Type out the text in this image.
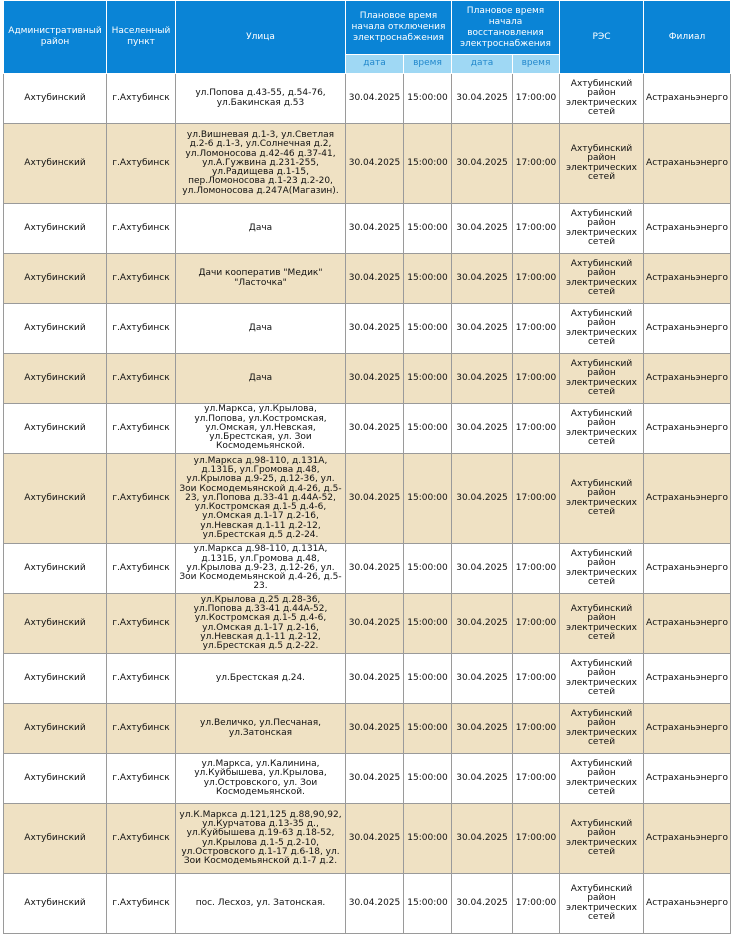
Административный район	Населенный пункт	Улица	Плановое время начала отключения электроснабжения		Плановое время начала восстановления электроснабжения		РЭС	Филиал
			дата	время	дата	время		
Ахтубинский	г.Ахтубинск	ул.Попова д.43-55, д.54-76, ул.Бакинская д.53	30.04.2025	15:00:00	30.04.2025	17:00:00	Ахтубинский район электрических сетей	Астраханьэнерго
Ахтубинский	г.Ахтубинск	ул.Вишневая д.1-3, ул.Светлая д.2-6 д.1-3, ул.Солнечная д.2, ул.Ломоносова д.42-46 д.37-41, ул.А.Гужвина д.231-255, ул.Радищева д.1-15, пер.Ломоносова д.1-23 д.2-20, ул.Ломоносова д.247А(Магазин).	30.04.2025	15:00:00	30.04.2025	17:00:00	Ахтубинский район электрических сетей	Астраханьэнерго
Ахтубинский	г.Ахтубинск	Дача	30.04.2025	15:00:00	30.04.2025	17:00:00	Ахтубинский район электрических сетей	Астраханьэнерго
Ахтубинский	г.Ахтубинск	Дачи кооператив "Медик" "Ласточка"	30.04.2025	15:00:00	30.04.2025	17:00:00	Ахтубинский район электрических сетей	Астраханьэнерго
Ахтубинский	г.Ахтубинск	Дача	30.04.2025	15:00:00	30.04.2025	17:00:00	Ахтубинский район электрических сетей	Астраханьэнерго
Ахтубинский	г.Ахтубинск	Дача	30.04.2025	15:00:00	30.04.2025	17:00:00	Ахтубинский район электрических сетей	Астраханьэнерго
Ахтубинский	г.Ахтубинск	ул.Маркса, ул.Крылова, ул.Попова, ул.Костромская, ул.Омская, ул.Невская, ул.Брестская, ул. Зои Космодемьянской.	30.04.2025	15:00:00	30.04.2025	17:00:00	Ахтубинский район электрических сетей	Астраханьэнерго
Ахтубинский	г.Ахтубинск	ул.Маркса д.98-110, д.131А, д.131Б, ул.Громова д.48, ул.Крылова д.9-25, д.12-36, ул. Зои Космодемьянской д.4-26, д.5-23, ул.Попова д.33-41 д.44А-52, ул.Костромская д.1-5 д.4-6, ул.Омская д.1-17 д.2-16, ул.Невская д.1-11 д.2-12, ул.Брестская д.5 д.2-24.	30.04.2025	15:00:00	30.04.2025	17:00:00	Ахтубинский район электрических сетей	Астраханьэнерго
Ахтубинский	г.Ахтубинск	ул.Маркса д.98-110, д.131А, д.131Б, ул.Громова д.48, ул.Крылова д.9-23, д.12-26, ул. Зои Космодемьянской д.4-26, д.5-23.	30.04.2025	15:00:00	30.04.2025	17:00:00	Ахтубинский район электрических сетей	Астраханьэнерго
Ахтубинский	г.Ахтубинск	ул.Крылова д.25 д.28-36, ул.Попова д.33-41 д.44А-52, ул.Костромская д.1-5 д.4-6, ул.Омская д.1-17 д.2-16, ул.Невская д.1-11 д.2-12, ул.Брестская д.5 д.2-22.	30.04.2025	15:00:00	30.04.2025	17:00:00	Ахтубинский район электрических сетей	Астраханьэнерго
Ахтубинский	г.Ахтубинск	ул.Брестская д.24.	30.04.2025	15:00:00	30.04.2025	17:00:00	Ахтубинский район электрических сетей	Астраханьэнерго
Ахтубинский	г.Ахтубинск	ул.Величко, ул.Песчаная, ул.Затонская	30.04.2025	15:00:00	30.04.2025	17:00:00	Ахтубинский район электрических сетей	Астраханьэнерго
Ахтубинский	г.Ахтубинск	ул.Маркса, ул.Калинина, ул.Куйбышева, ул.Крылова, ул.Островского, ул. Зои Космодемьянской.	30.04.2025	15:00:00	30.04.2025	17:00:00	Ахтубинский район электрических сетей	Астраханьэнерго
Ахтубинский	г.Ахтубинск	ул.К.Маркса д.121,125 д.88,90,92, ул.Курчатова д.13-35 д., ул.Куйбышева д.19-63 д.18-52, ул.Крылова д.1-5 д.2-10, ул.Островского д.1-17 д.6-18, ул. Зои Космодемьянской д.1-7 д.2.	30.04.2025	15:00:00	30.04.2025	17:00:00	Ахтубинский район электрических сетей	Астраханьэнерго
Ахтубинский	г.Ахтубинск	пос. Лесхоз, ул. Затонская.	30.04.2025	15:00:00	30.04.2025	17:00:00	Ахтубинский район электрических сетей	Астраханьэнерго
